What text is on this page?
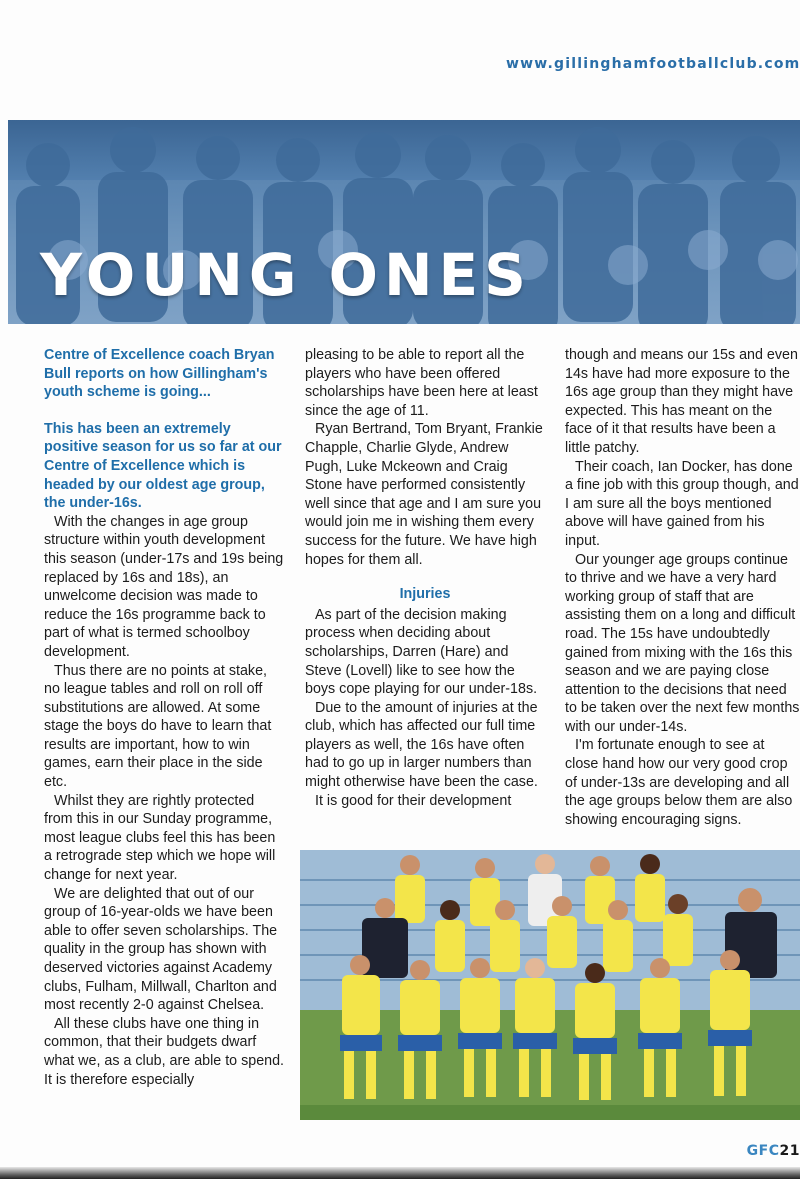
www.gillinghamfootballclub.com
YOUNG ONES

Centre of Excellence coach Bryan Bull reports on how Gillingham's youth scheme is going...

This has been an extremely positive season for us so far at our Centre of Excellence which is headed by our oldest age group, the under-16s.

With the changes in age group structure within youth development this season (under-17s and 19s being replaced by 16s and 18s), an unwelcome decision was made to reduce the 16s programme back to part of what is termed schoolboy development.

Thus there are no points at stake, no league tables and roll on roll off substitutions are allowed. At some stage the boys do have to learn that results are important, how to win games, earn their place in the side etc.

Whilst they are rightly protected from this in our Sunday programme, most league clubs feel this has been a retrograde step which we hope will change for next year.

We are delighted that out of our group of 16-year-olds we have been able to offer seven scholarships. The quality in the group has shown with deserved victories against Academy clubs, Fulham, Millwall, Charlton and most recently 2-0 against Chelsea.

All these clubs have one thing in common, that their budgets dwarf what we, as a club, are able to spend. It is therefore especially

pleasing to be able to report all the players who have been offered scholarships have been here at least since the age of 11.

Ryan Bertrand, Tom Bryant, Frankie Chapple, Charlie Glyde, Andrew Pugh, Luke Mckeown and Craig Stone have performed consistently well since that age and I am sure you would join me in wishing them every success for the future. We have high hopes for them all.

Injuries

As part of the decision making process when deciding about scholarships, Darren (Hare) and Steve (Lovell) like to see how the boys cope playing for our under-18s.

Due to the amount of injuries at the club, which has affected our full time players as well, the 16s have often had to go up in larger numbers than might otherwise have been the case.

It is good for their development

though and means our 15s and even 14s have had more exposure to the 16s age group than they might have expected. This has meant on the face of it that results have been a little patchy.

Their coach, Ian Docker, has done a fine job with this group though, and I am sure all the boys mentioned above will have gained from his input.

Our younger age groups continue to thrive and we have a very hard working group of staff that are assisting them on a long and difficult road. The 15s have undoubtedly gained from mixing with the 16s this season and we are paying close attention to the decisions that need to be taken over the next few months with our under-14s.

I'm fortunate enough to see at close hand how our very good crop of under-13s are developing and all the age groups below them are also showing encouraging signs.

GFC21
